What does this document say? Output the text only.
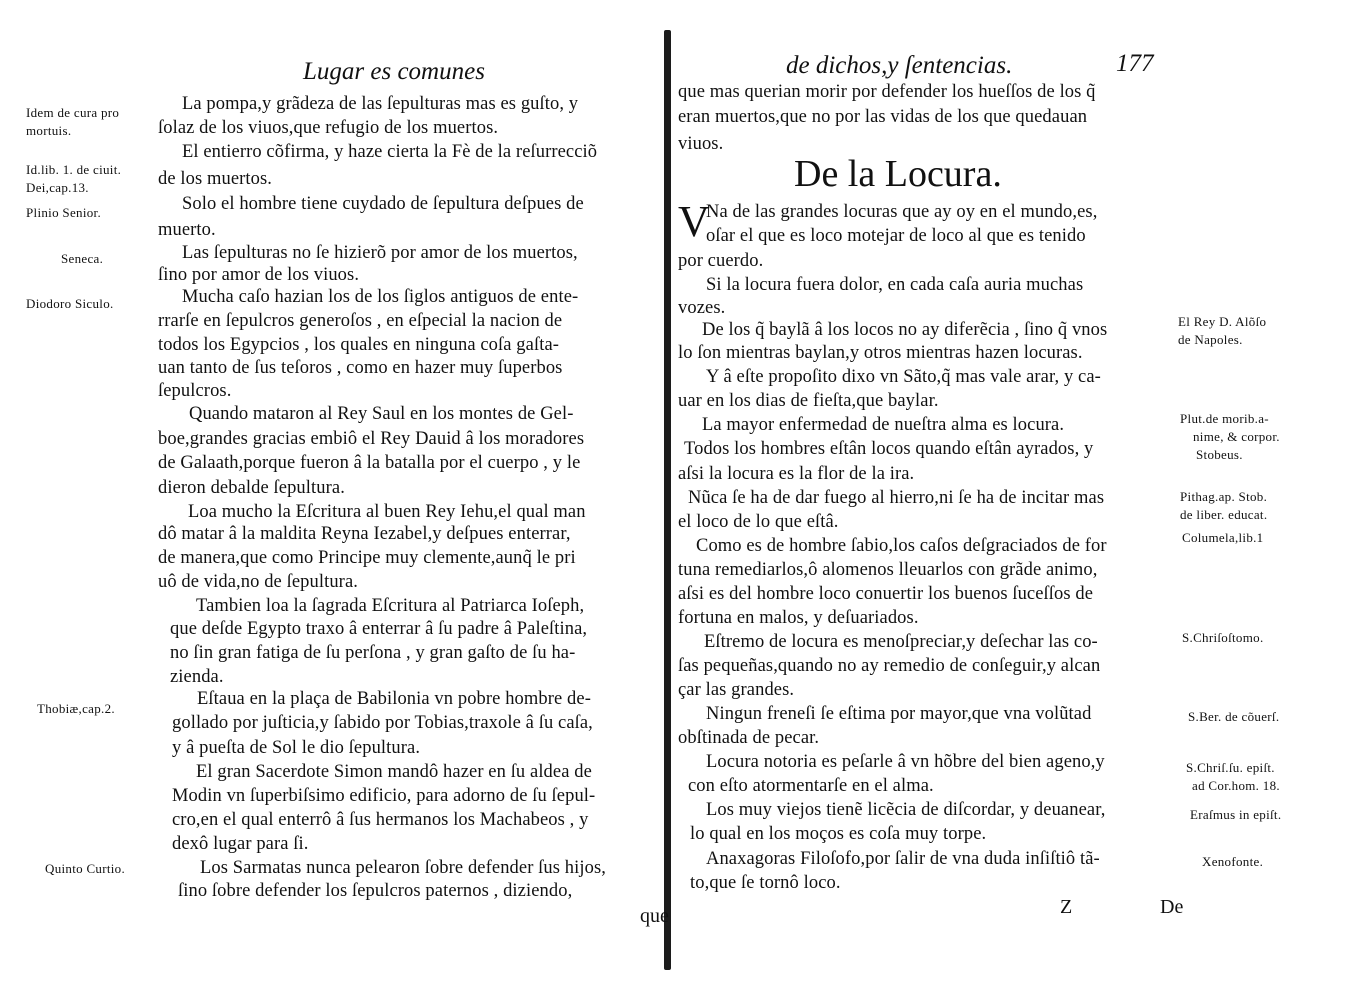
Lugar es comunes
Idem de cura pro
mortuis.
Id.lib. 1. de ciuit.
Dei,cap.13.
Plinio Senior.
Seneca.
Diodoro Siculo.
Thobiæ,cap.2.
Quinto Curtio.
La pompa,y grãdeza de las ſepulturas mas es guſto, y
ſolaz de los viuos,que refugio de los muertos.
El entierro cõfirma, y haze cierta la Fè de la reſurrecciõ
de los muertos.
Solo el hombre tiene cuydado de ſepultura deſpues de
muerto.
Las ſepulturas no ſe hizierõ por amor de los muertos,
ſino por amor de los viuos.
Mucha caſo hazian los de los ſiglos antiguos de ente-
rrarſe en ſepulcros generoſos , en eſpecial la nacion de
todos los Egypcios , los quales en ninguna coſa gaſta-
uan tanto de ſus teſoros , como en hazer muy ſuperbos
ſepulcros.
Quando mataron al Rey Saul en los montes de Gel-
boe,grandes gracias embiô el Rey Dauid â los moradores
de Galaath,porque fueron â la batalla por el cuerpo , y le
dieron debalde ſepultura.
Loa mucho la Eſcritura al buen Rey Iehu,el qual man
dô matar â la maldita Reyna Iezabel,y deſpues enterrar,
de manera,que como Principe muy clemente,aunq̃ le pri
uô de vida,no de ſepultura.
Tambien loa la ſagrada Eſcritura al Patriarca Ioſeph,
que deſde Egypto traxo â enterrar â ſu padre â Paleſtina,
no ſin gran fatiga de ſu perſona , y gran gaſto de ſu ha-
zienda.
Eſtaua en la plaça de Babilonia vn pobre hombre de-
gollado por juſticia,y ſabido por Tobias,traxole â ſu caſa,
y â pueſta de Sol le dio ſepultura.
El gran Sacerdote Simon mandô hazer en ſu aldea de
Modin vn ſuperbiſsimo edificio, para adorno de ſu ſepul-
cro,en el qual enterrô â ſus hermanos los Machabeos , y
dexô lugar para ſi.
Los Sarmatas nunca pelearon ſobre defender ſus hijos,
ſino ſobre defender los ſepulcros paternos , diziendo,
que
de dichos,y ſentencias.	177
que mas querian morir por defender los hueſſos de los q̃
eran muertos,que no por las vidas de los que quedauan
viuos.
De la Locura.
V
Na de las grandes locuras que ay oy en el mundo,es,
oſar el que es loco motejar de loco al que es tenido
por cuerdo.
Si la locura fuera dolor, en cada caſa auria muchas
vozes.
De los q̃ baylã â los locos no ay diferẽcia , ſino q̃ vnos
lo ſon mientras baylan,y otros mientras hazen locuras.
Y â eſte propoſito dixo vn Sãto,q̃ mas vale arar, y ca-
uar en los dias de fieſta,que baylar.
La mayor enfermedad de nueſtra alma es locura.
Todos los hombres eſtân locos quando eſtân ayrados, y
aſsi la locura es la flor de la ira.
Nũca ſe ha de dar fuego al hierro,ni ſe ha de incitar mas
el loco de lo que eſtâ.
Como es de hombre ſabio,los caſos deſgraciados de for
tuna remediarlos,ô alomenos lleuarlos con grãde animo,
aſsi es del hombre loco conuertir los buenos ſuceſſos de
fortuna en malos, y deſuariados.
Eſtremo de locura es menoſpreciar,y deſechar las co-
ſas pequeñas,quando no ay remedio de conſeguir,y alcan
çar las grandes.
Ningun freneſi ſe eſtima por mayor,que vna volũtad
obſtinada de pecar.
Locura notoria es peſarle â vn hõbre del bien ageno,y
con eſto atormentarſe en el alma.
Los muy viejos tienẽ licẽcia de diſcordar, y deuanear,
lo qual en los moços es coſa muy torpe.
Anaxagoras Filoſofo,por ſalir de vna duda inſiſtiô tã-
to,que ſe tornô loco.
El Rey D. Alõſo
de Napoles.
Plut.de morib.a-
nime, & corpor.
Stobeus.
Pithag.ap. Stob.
de liber. educat.
Columela,lib.1
S.Chriſoſtomo.
S.Ber. de cõuerſ.
S.Chriſ.ſu. epiſt.
ad Cor.hom. 18.
Eraſmus in epiſt.
Xenofonte.
Z	De
